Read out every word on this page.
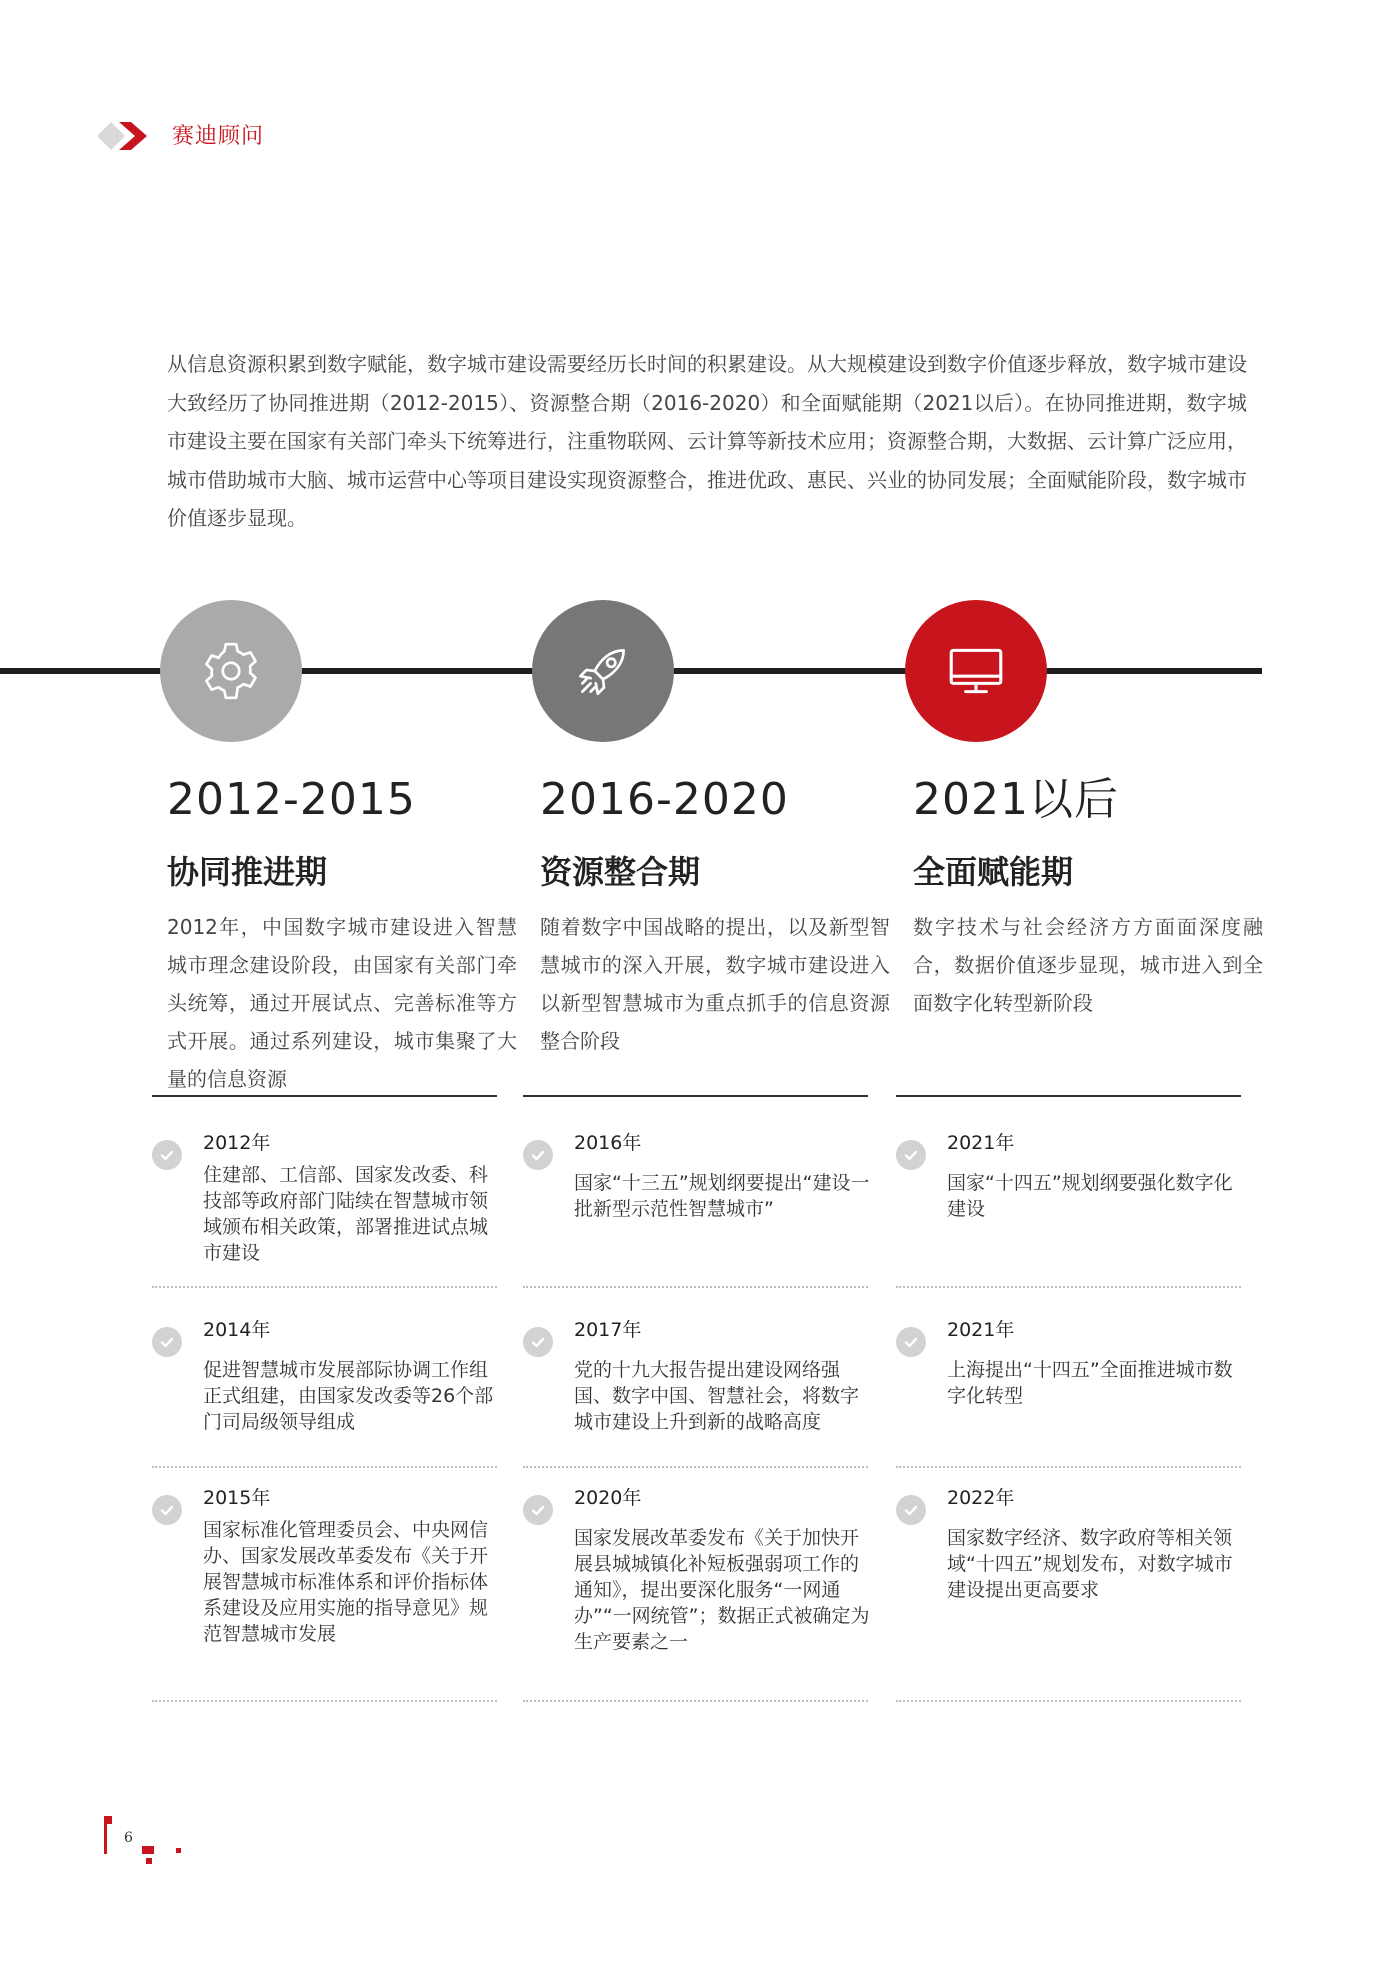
赛迪顾问
从信息资源积累到数字赋能，数字城市建设需要经历长时间的积累建设。从大规模建设到数字价值逐步释放，数字城市建设大致经历了协同推进期（2012-2015）、资源整合期（2016-2020）和全面赋能期（2021以后）。在协同推进期，数字城市建设主要在国家有关部门牵头下统筹进行，注重物联网、云计算等新技术应用；资源整合期，大数据、云计算广泛应用，城市借助城市大脑、城市运营中心等项目建设实现资源整合，推进优政、惠民、兴业的协同发展；全面赋能阶段，数字城市价值逐步显现。
2012-2015
协同推进期
2012年，中国数字城市建设进入智慧城市理念建设阶段，由国家有关部门牵头统筹，通过开展试点、完善标准等方式开展。通过系列建设，城市集聚了大量的信息资源
2016-2020
资源整合期
随着数字中国战略的提出，以及新型智慧城市的深入开展，数字城市建设进入以新型智慧城市为重点抓手的信息资源整合阶段
2021以后
全面赋能期
数字技术与社会经济方方面面深度融合，数据价值逐步显现，城市进入到全面数字化转型新阶段
2012年
住建部、工信部、国家发改委、科技部等政府部门陆续在智慧城市领域颁布相关政策，部署推进试点城市建设
2014年
促进智慧城市发展部际协调工作组正式组建，由国家发改委等26个部门司局级领导组成
2015年
国家标准化管理委员会、中央网信办、国家发展改革委发布《关于开展智慧城市标准体系和评价指标体系建设及应用实施的指导意见》规范智慧城市发展
2016年
国家“十三五”规划纲要提出“建设一批新型示范性智慧城市”
2017年
党的十九大报告提出建设网络强国、数字中国、智慧社会，将数字城市建设上升到新的战略高度
2020年
国家发展改革委发布《关于加快开展县城城镇化补短板强弱项工作的通知》，提出要深化服务“一网通办”“一网统管”；数据正式被确定为生产要素之一
2021年
国家“十四五”规划纲要强化数字化建设
2021年
上海提出“十四五”全面推进城市数字化转型
2022年
国家数字经济、数字政府等相关领域“十四五”规划发布，对数字城市建设提出更高要求
6
